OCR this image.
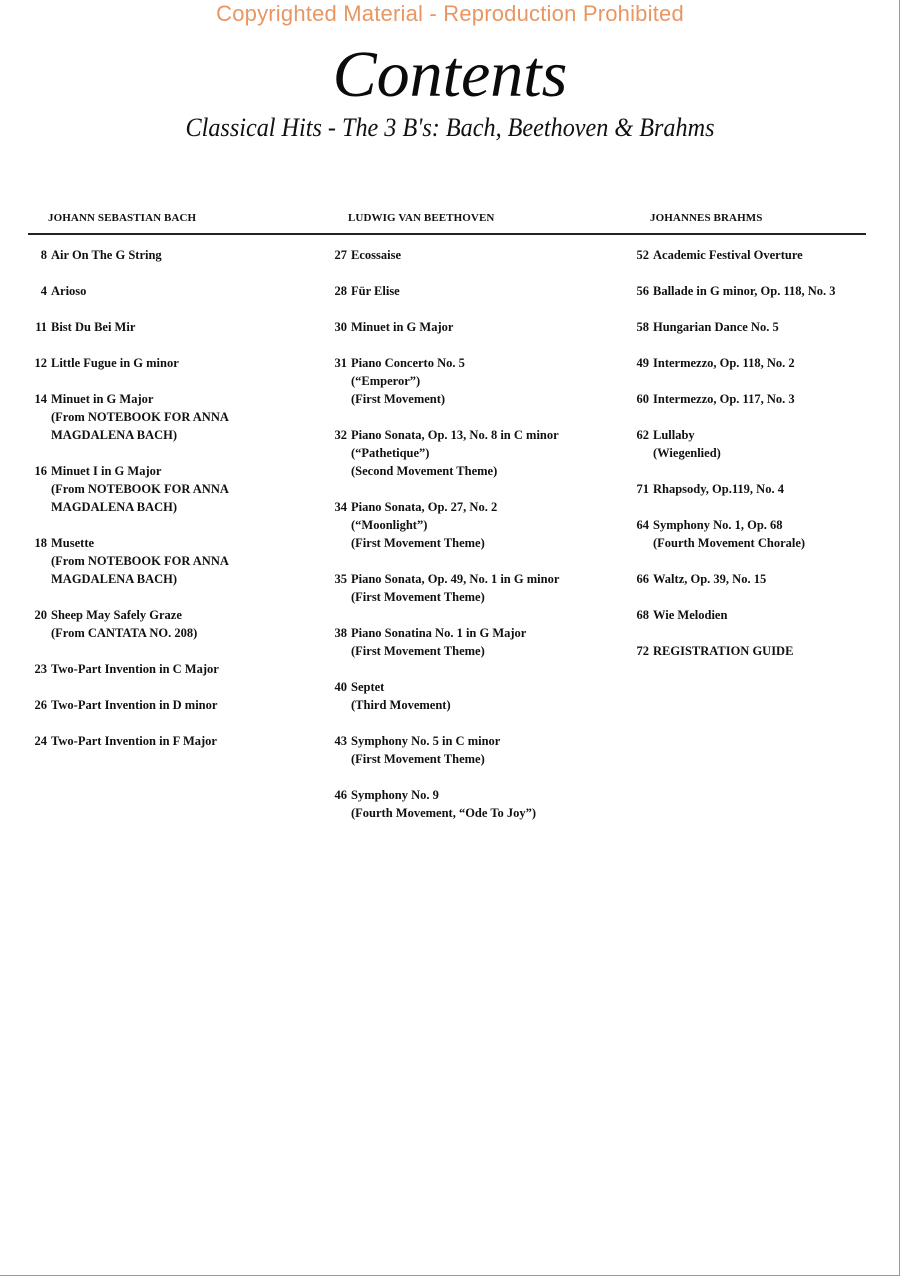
Copyrighted Material - Reproduction Prohibited
Contents
Classical Hits - The 3 B's: Bach, Beethoven & Brahms
JOHANN SEBASTIAN BACH
8 Air On The G String
4 Arioso
11 Bist Du Bei Mir
12 Little Fugue in G minor
14 Minuet in G Major
(From NOTEBOOK FOR ANNA
MAGDALENA BACH)
16 Minuet I in G Major
(From NOTEBOOK FOR ANNA
MAGDALENA BACH)
18 Musette
(From NOTEBOOK FOR ANNA
MAGDALENA BACH)
20 Sheep May Safely Graze
(From CANTATA NO. 208)
23 Two-Part Invention in C Major
26 Two-Part Invention in D minor
24 Two-Part Invention in F Major
LUDWIG VAN BEETHOVEN
27 Ecossaise
28 Für Elise
30 Minuet in G Major
31 Piano Concerto No. 5
(“Emperor”)
(First Movement)
32 Piano Sonata, Op. 13, No. 8 in C minor
(“Pathetique”)
(Second Movement Theme)
34 Piano Sonata, Op. 27, No. 2
(“Moonlight”)
(First Movement Theme)
35 Piano Sonata, Op. 49, No. 1 in G minor
(First Movement Theme)
38 Piano Sonatina No. 1 in G Major
(First Movement Theme)
40 Septet
(Third Movement)
43 Symphony No. 5 in C minor
(First Movement Theme)
46 Symphony No. 9
(Fourth Movement, “Ode To Joy”)
JOHANNES BRAHMS
52 Academic Festival Overture
56 Ballade in G minor, Op. 118, No. 3
58 Hungarian Dance No. 5
49 Intermezzo, Op. 118, No. 2
60 Intermezzo, Op. 117, No. 3
62 Lullaby
(Wiegenlied)
71 Rhapsody, Op.119, No. 4
64 Symphony No. 1, Op. 68
(Fourth Movement Chorale)
66 Waltz, Op. 39, No. 15
68 Wie Melodien
72 REGISTRATION GUIDE
